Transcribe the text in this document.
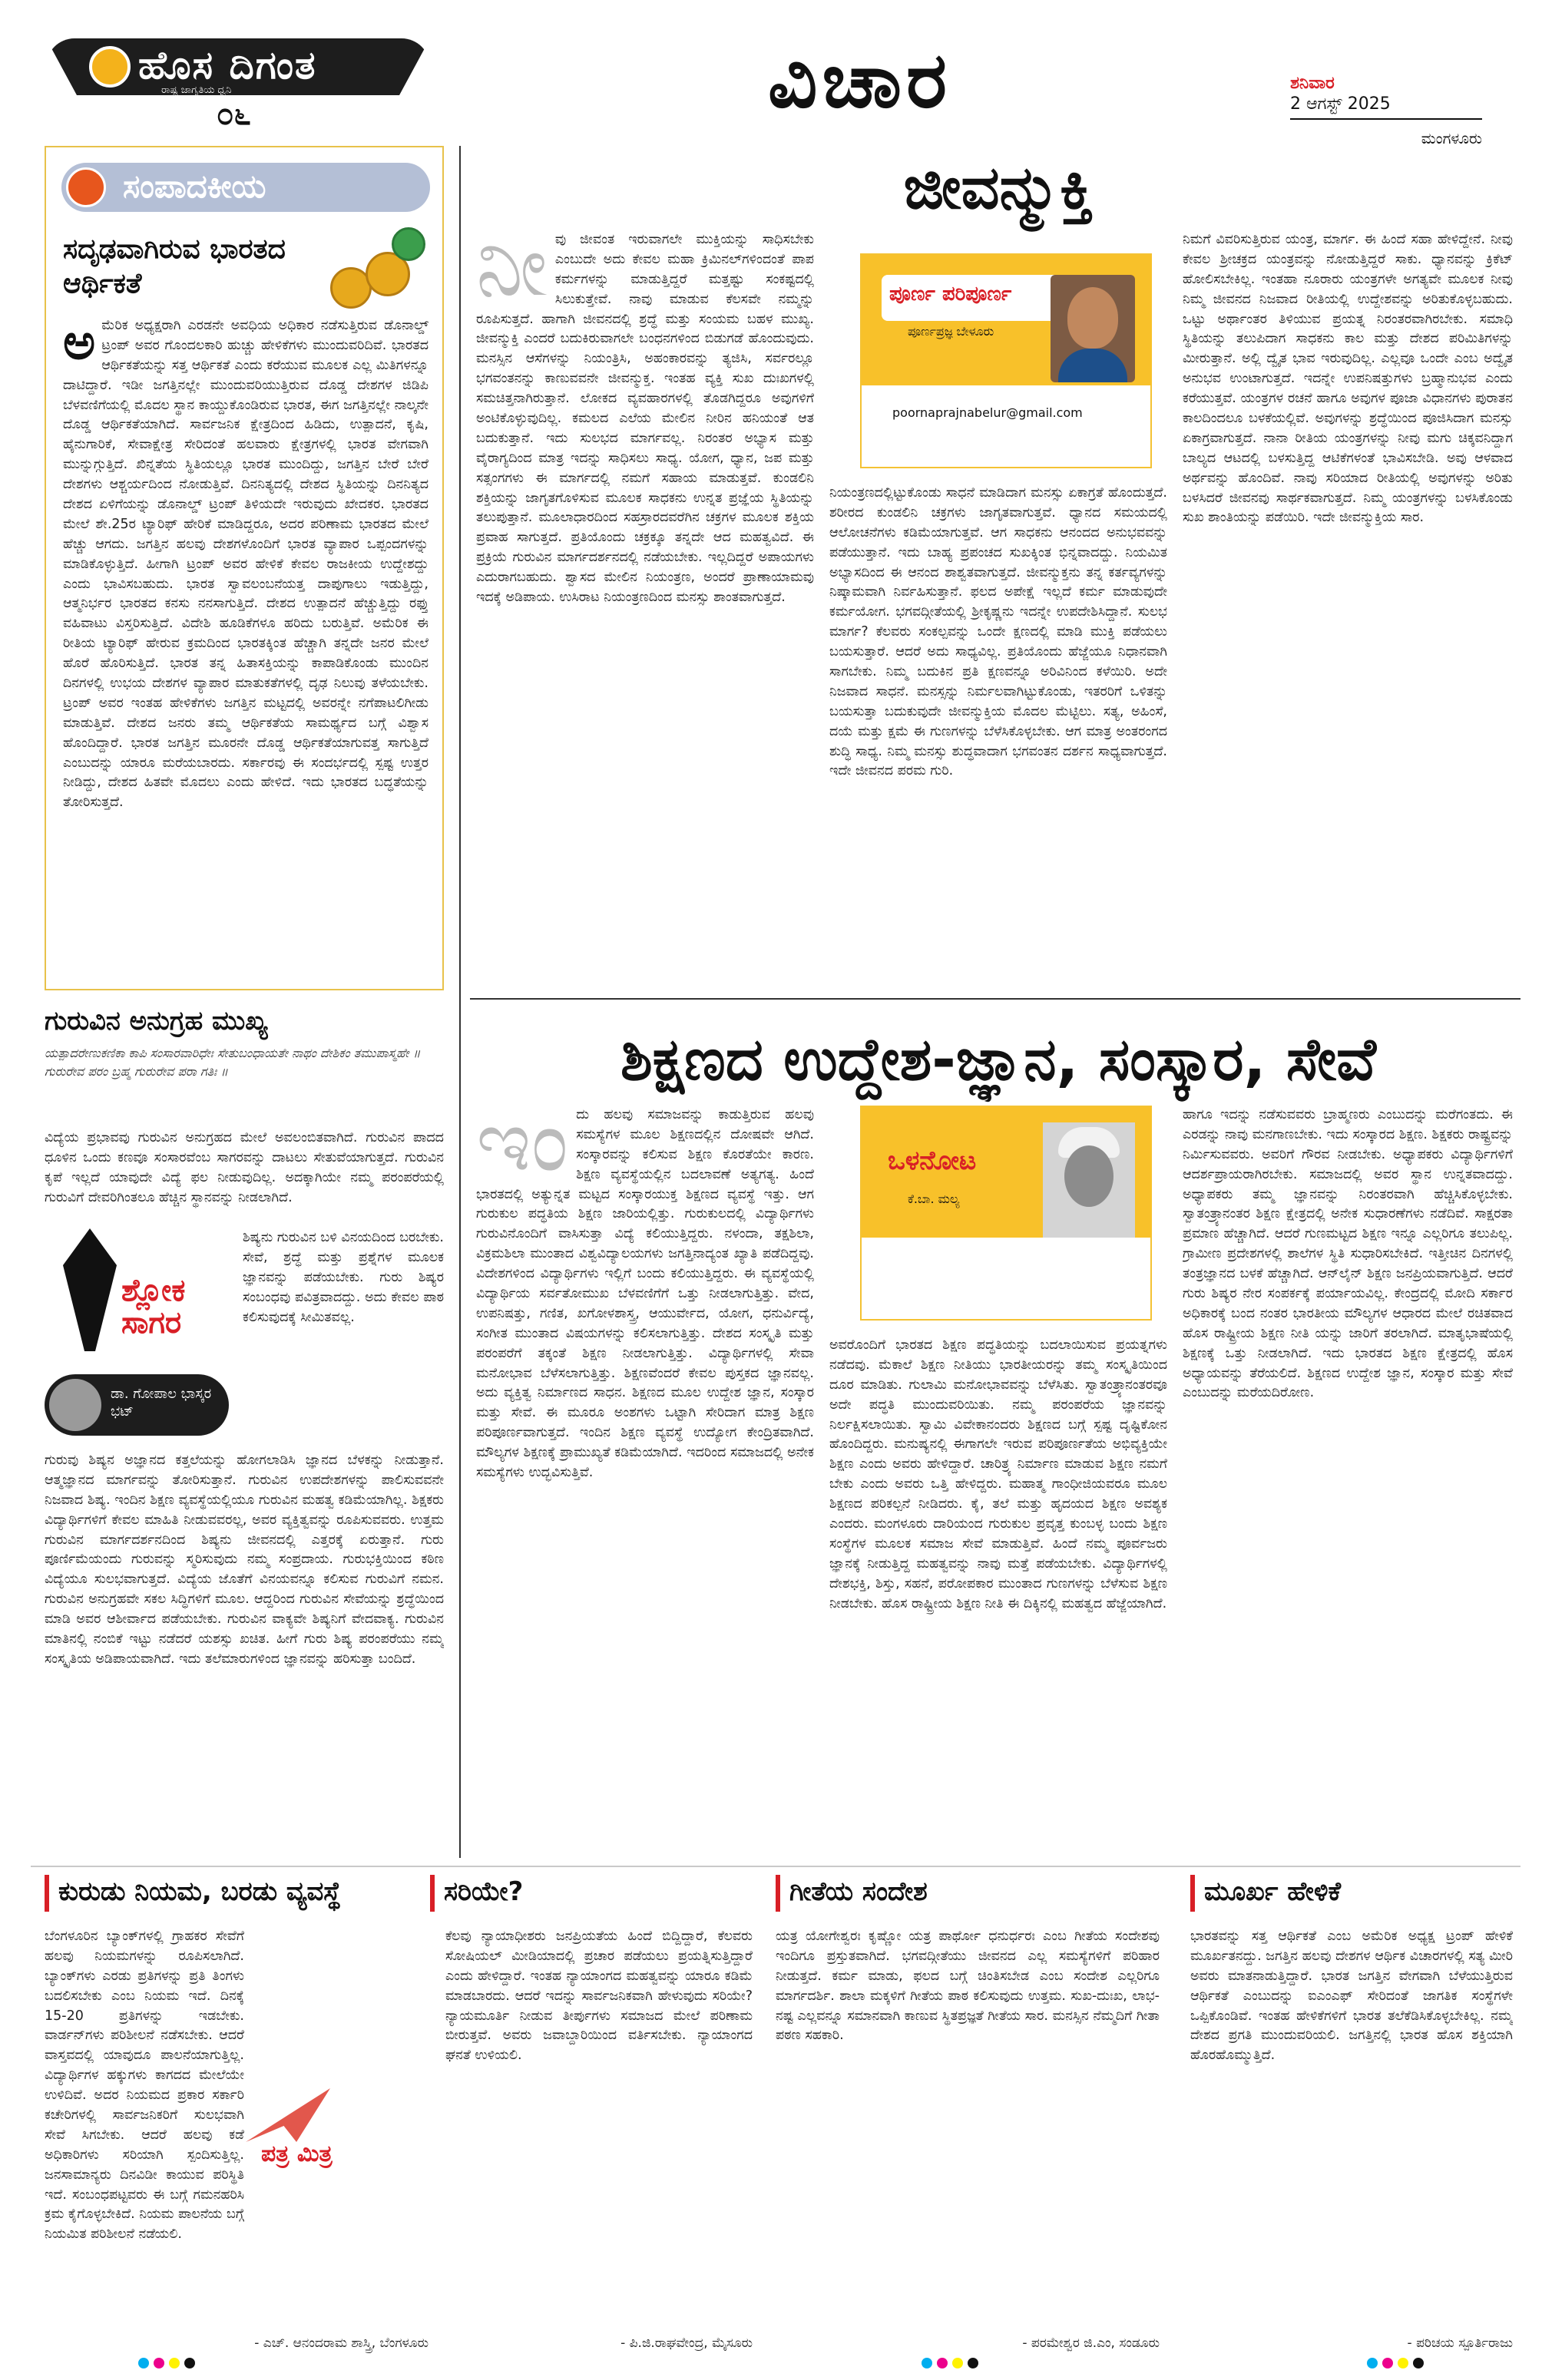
ಹೊಸ ದಿಗಂತ
ರಾಷ್ಟ್ರ ಜಾಗೃತಿಯ ಧ್ವನಿ
೦೬	ವಿಚಾರ	ಶನಿವಾರ
2 ಆಗಸ್ಟ್ 2025
ಮಂಗಳೂರು
ಸಂಪಾದಕೀಯ
ಸದೃಢವಾಗಿರುವ ಭಾರತದ ಆರ್ಥಿಕತೆ
ಅ ಮೆರಿಕ ಅಧ್ಯಕ್ಷರಾಗಿ ಎರಡನೇ ಅವಧಿಯ ಅಧಿಕಾರ ನಡೆಸುತ್ತಿರುವ ಡೊನಾಲ್ಡ್ ಟ್ರಂಪ್ ಅವರ ಗೊಂದಲಕಾರಿ ಹುಚ್ಚು ಹೇಳಿಕೆಗಳು ಮುಂದುವರಿದಿವೆ. ಭಾರತದ ಆರ್ಥಿಕತೆಯನ್ನು ಸತ್ತ ಆರ್ಥಿಕತೆ ಎಂದು ಕರೆಯುವ ಮೂಲಕ ಎಲ್ಲ ಮಿತಿಗಳನ್ನೂ ದಾಟಿದ್ದಾರೆ. ಇಡೀ ಜಗತ್ತಿನಲ್ಲೇ ಮುಂದುವರಿಯುತ್ತಿರುವ ದೊಡ್ಡ ದೇಶಗಳ ಜಿಡಿಪಿ ಬೆಳವಣಿಗೆಯಲ್ಲಿ ಮೊದಲ ಸ್ಥಾನ ಕಾಯ್ದುಕೊಂಡಿರುವ ಭಾರತ, ಈಗ ಜಗತ್ತಿನಲ್ಲೇ ನಾಲ್ಕನೇ ದೊಡ್ಡ ಆರ್ಥಿಕತೆಯಾಗಿದೆ. ಸಾರ್ವಜನಿಕ ಕ್ಷೇತ್ರದಿಂದ ಹಿಡಿದು, ಉತ್ಪಾದನೆ, ಕೃಷಿ, ಹೈನುಗಾರಿಕೆ, ಸೇವಾಕ್ಷೇತ್ರ ಸೇರಿದಂತೆ ಹಲವಾರು ಕ್ಷೇತ್ರಗಳಲ್ಲಿ ಭಾರತ ವೇಗವಾಗಿ ಮುನ್ನುಗ್ಗುತ್ತಿದೆ. ಖಿನ್ನತೆಯ ಸ್ಥಿತಿಯಲ್ಲೂ ಭಾರತ ಮುಂದಿದ್ದು, ಜಗತ್ತಿನ ಬೇರೆ ಬೇರೆ ದೇಶಗಳು ಆಶ್ಚರ್ಯದಿಂದ ನೋಡುತ್ತಿವೆ. ದಿನನಿತ್ಯದಲ್ಲಿ ದೇಶದ ಸ್ಥಿತಿಯನ್ನು ದಿನನಿತ್ಯದ ದೇಶದ ಏಳಿಗೆಯನ್ನು ಡೊನಾಲ್ಡ್ ಟ್ರಂಪ್ ತಿಳಿಯದೇ ಇರುವುದು ಖೇದಕರ. ಭಾರತದ ಮೇಲೆ ಶೇ.25ರ ಟ್ಯಾರಿಫ್ ಹೇರಿಕೆ ಮಾಡಿದ್ದರೂ, ಅದರ ಪರಿಣಾಮ ಭಾರತದ ಮೇಲೆ ಹೆಚ್ಚು ಆಗದು. ಜಗತ್ತಿನ ಹಲವು ದೇಶಗಳೊಂದಿಗೆ ಭಾರತ ವ್ಯಾಪಾರ ಒಪ್ಪಂದಗಳನ್ನು ಮಾಡಿಕೊಳ್ಳುತ್ತಿದೆ. ಹೀಗಾಗಿ ಟ್ರಂಪ್ ಅವರ ಹೇಳಿಕೆ ಕೇವಲ ರಾಜಕೀಯ ಉದ್ದೇಶದ್ದು ಎಂದು ಭಾವಿಸಬಹುದು. ಭಾರತ ಸ್ವಾವಲಂಬನೆಯತ್ತ ದಾಪುಗಾಲು ಇಡುತ್ತಿದ್ದು, ಆತ್ಮನಿರ್ಭರ ಭಾರತದ ಕನಸು ನನಸಾಗುತ್ತಿದೆ. ದೇಶದ ಉತ್ಪಾದನೆ ಹೆಚ್ಚುತ್ತಿದ್ದು ರಫ್ತು ವಹಿವಾಟು ವಿಸ್ತರಿಸುತ್ತಿದೆ. ವಿದೇಶಿ ಹೂಡಿಕೆಗಳೂ ಹರಿದು ಬರುತ್ತಿವೆ. ಅಮೆರಿಕ ಈ ರೀತಿಯ ಟ್ಯಾರಿಫ್ ಹೇರುವ ಕ್ರಮದಿಂದ ಭಾರತಕ್ಕಿಂತ ಹೆಚ್ಚಾಗಿ ತನ್ನದೇ ಜನರ ಮೇಲೆ ಹೊರೆ ಹೊರಿಸುತ್ತಿದೆ. ಭಾರತ ತನ್ನ ಹಿತಾಸಕ್ತಿಯನ್ನು ಕಾಪಾಡಿಕೊಂಡು ಮುಂದಿನ ದಿನಗಳಲ್ಲಿ ಉಭಯ ದೇಶಗಳ ವ್ಯಾಪಾರ ಮಾತುಕತೆಗಳಲ್ಲಿ ದೃಢ ನಿಲುವು ತಳೆಯಬೇಕು. ಟ್ರಂಪ್ ಅವರ ಇಂತಹ ಹೇಳಿಕೆಗಳು ಜಗತ್ತಿನ ಮಟ್ಟದಲ್ಲಿ ಅವರನ್ನೇ ನಗೆಪಾಟಲಿಗೀಡು ಮಾಡುತ್ತಿವೆ. ದೇಶದ ಜನರು ತಮ್ಮ ಆರ್ಥಿಕತೆಯ ಸಾಮರ್ಥ್ಯದ ಬಗ್ಗೆ ವಿಶ್ವಾಸ ಹೊಂದಿದ್ದಾರೆ. ಭಾರತ ಜಗತ್ತಿನ ಮೂರನೇ ದೊಡ್ಡ ಆರ್ಥಿಕತೆಯಾಗುವತ್ತ ಸಾಗುತ್ತಿದೆ ಎಂಬುದನ್ನು ಯಾರೂ ಮರೆಯಬಾರದು. ಸರ್ಕಾರವು ಈ ಸಂದರ್ಭದಲ್ಲಿ ಸ್ಪಷ್ಟ ಉತ್ತರ ನೀಡಿದ್ದು, ದೇಶದ ಹಿತವೇ ಮೊದಲು ಎಂದು ಹೇಳಿದೆ. ಇದು ಭಾರತದ ಬದ್ಧತೆಯನ್ನು ತೋರಿಸುತ್ತದೆ.
ಜೀವನ್ಮುಕ್ತಿ
ನೀ ವು ಜೀವಂತ ಇರುವಾಗಲೇ ಮುಕ್ತಿಯನ್ನು ಸಾಧಿಸಬೇಕು ಎಂಬುದೇ ಅದು ಕೇವಲ ಮಹಾ ಕ್ರಿಮಿನಲ್‌ಗಳಿಂದಂತೆ ಪಾಪ ಕರ್ಮಗಳನ್ನು ಮಾಡುತ್ತಿದ್ದರೆ ಮತ್ತಷ್ಟು ಸಂಕಷ್ಟದಲ್ಲಿ ಸಿಲುಕುತ್ತೇವೆ. ನಾವು ಮಾಡುವ ಕೆಲಸವೇ ನಮ್ಮನ್ನು ರೂಪಿಸುತ್ತದೆ. ಹಾಗಾಗಿ ಜೀವನದಲ್ಲಿ ಶ್ರದ್ಧೆ ಮತ್ತು ಸಂಯಮ ಬಹಳ ಮುಖ್ಯ. ಜೀವನ್ಮುಕ್ತಿ ಎಂದರೆ ಬದುಕಿರುವಾಗಲೇ ಬಂಧನಗಳಿಂದ ಬಿಡುಗಡೆ ಹೊಂದುವುದು. ಮನಸ್ಸಿನ ಆಸೆಗಳನ್ನು ನಿಯಂತ್ರಿಸಿ, ಅಹಂಕಾರವನ್ನು ತ್ಯಜಿಸಿ, ಸರ್ವರಲ್ಲೂ ಭಗವಂತನನ್ನು ಕಾಣುವವನೇ ಜೀವನ್ಮುಕ್ತ. ಇಂತಹ ವ್ಯಕ್ತಿ ಸುಖ ದುಃಖಗಳಲ್ಲಿ ಸಮಚಿತ್ತನಾಗಿರುತ್ತಾನೆ. ಲೋಕದ ವ್ಯವಹಾರಗಳಲ್ಲಿ ತೊಡಗಿದ್ದರೂ ಅವುಗಳಿಗೆ ಅಂಟಿಕೊಳ್ಳುವುದಿಲ್ಲ. ಕಮಲದ ಎಲೆಯ ಮೇಲಿನ ನೀರಿನ ಹನಿಯಂತೆ ಆತ ಬದುಕುತ್ತಾನೆ. ಇದು ಸುಲಭದ ಮಾರ್ಗವಲ್ಲ. ನಿರಂತರ ಅಭ್ಯಾಸ ಮತ್ತು ವೈರಾಗ್ಯದಿಂದ ಮಾತ್ರ ಇದನ್ನು ಸಾಧಿಸಲು ಸಾಧ್ಯ. ಯೋಗ, ಧ್ಯಾನ, ಜಪ ಮತ್ತು ಸತ್ಸಂಗಗಳು ಈ ಮಾರ್ಗದಲ್ಲಿ ನಮಗೆ ಸಹಾಯ ಮಾಡುತ್ತವೆ. ಕುಂಡಲಿನಿ ಶಕ್ತಿಯನ್ನು ಜಾಗೃತಗೊಳಿಸುವ ಮೂಲಕ ಸಾಧಕನು ಉನ್ನತ ಪ್ರಜ್ಞೆಯ ಸ್ಥಿತಿಯನ್ನು ತಲುಪುತ್ತಾನೆ. ಮೂಲಾಧಾರದಿಂದ ಸಹಸ್ರಾರದವರೆಗಿನ ಚಕ್ರಗಳ ಮೂಲಕ ಶಕ್ತಿಯ ಪ್ರವಾಹ ಸಾಗುತ್ತದೆ. ಪ್ರತಿಯೊಂದು ಚಕ್ರಕ್ಕೂ ತನ್ನದೇ ಆದ ಮಹತ್ವವಿದೆ. ಈ ಪ್ರಕ್ರಿಯೆ ಗುರುವಿನ ಮಾರ್ಗದರ್ಶನದಲ್ಲಿ ನಡೆಯಬೇಕು. ಇಲ್ಲದಿದ್ದರೆ ಅಪಾಯಗಳು ಎದುರಾಗಬಹುದು. ಶ್ವಾಸದ ಮೇಲಿನ ನಿಯಂತ್ರಣ, ಅಂದರೆ ಪ್ರಾಣಾಯಾಮವು ಇದಕ್ಕೆ ಅಡಿಪಾಯ. ಉಸಿರಾಟ ನಿಯಂತ್ರಣದಿಂದ ಮನಸ್ಸು ಶಾಂತವಾಗುತ್ತದೆ.
ಪೂರ್ಣ ಪರಿಪೂರ್ಣ
ಪೂರ್ಣಪ್ರಜ್ಞ ಬೇಳೂರು
poornaprajnabelur@gmail.com
ನಿಯಂತ್ರಣದಲ್ಲಿಟ್ಟುಕೊಂಡು ಸಾಧನೆ ಮಾಡಿದಾಗ ಮನಸ್ಸು ಏಕಾಗ್ರತೆ ಹೊಂದುತ್ತದೆ. ಶರೀರದ ಕುಂಡಲಿನಿ ಚಕ್ರಗಳು ಜಾಗೃತವಾಗುತ್ತವೆ. ಧ್ಯಾನದ ಸಮಯದಲ್ಲಿ ಆಲೋಚನೆಗಳು ಕಡಿಮೆಯಾಗುತ್ತವೆ. ಆಗ ಸಾಧಕನು ಆನಂದದ ಅನುಭವವನ್ನು ಪಡೆಯುತ್ತಾನೆ. ಇದು ಬಾಹ್ಯ ಪ್ರಪಂಚದ ಸುಖಕ್ಕಿಂತ ಭಿನ್ನವಾದದ್ದು. ನಿಯಮಿತ ಅಭ್ಯಾಸದಿಂದ ಈ ಆನಂದ ಶಾಶ್ವತವಾಗುತ್ತದೆ. ಜೀವನ್ಮುಕ್ತನು ತನ್ನ ಕರ್ತವ್ಯಗಳನ್ನು ನಿಷ್ಕಾಮವಾಗಿ ನಿರ್ವಹಿಸುತ್ತಾನೆ. ಫಲದ ಅಪೇಕ್ಷೆ ಇಲ್ಲದೆ ಕರ್ಮ ಮಾಡುವುದೇ ಕರ್ಮಯೋಗ. ಭಗವದ್ಗೀತೆಯಲ್ಲಿ ಶ್ರೀಕೃಷ್ಣನು ಇದನ್ನೇ ಉಪದೇಶಿಸಿದ್ದಾನೆ. ಸುಲಭ ಮಾರ್ಗ? ಕೆಲವರು ಸಂಕಲ್ಪವನ್ನು ಒಂದೇ ಕ್ಷಣದಲ್ಲಿ ಮಾಡಿ ಮುಕ್ತಿ ಪಡೆಯಲು ಬಯಸುತ್ತಾರೆ. ಆದರೆ ಅದು ಸಾಧ್ಯವಿಲ್ಲ. ಪ್ರತಿಯೊಂದು ಹೆಜ್ಜೆಯೂ ನಿಧಾನವಾಗಿ ಸಾಗಬೇಕು. ನಿಮ್ಮ ಬದುಕಿನ ಪ್ರತಿ ಕ್ಷಣವನ್ನೂ ಅರಿವಿನಿಂದ ಕಳೆಯಿರಿ. ಅದೇ ನಿಜವಾದ ಸಾಧನೆ. ಮನಸ್ಸನ್ನು ನಿರ್ಮಲವಾಗಿಟ್ಟುಕೊಂಡು, ಇತರರಿಗೆ ಒಳಿತನ್ನು ಬಯಸುತ್ತಾ ಬದುಕುವುದೇ ಜೀವನ್ಮುಕ್ತಿಯ ಮೊದಲ ಮೆಟ್ಟಿಲು. ಸತ್ಯ, ಅಹಿಂಸೆ, ದಯೆ ಮತ್ತು ಕ್ಷಮೆ ಈ ಗುಣಗಳನ್ನು ಬೆಳೆಸಿಕೊಳ್ಳಬೇಕು. ಆಗ ಮಾತ್ರ ಅಂತರಂಗದ ಶುದ್ಧಿ ಸಾಧ್ಯ. ನಿಮ್ಮ ಮನಸ್ಸು ಶುದ್ಧವಾದಾಗ ಭಗವಂತನ ದರ್ಶನ ಸಾಧ್ಯವಾಗುತ್ತದೆ. ಇದೇ ಜೀವನದ ಪರಮ ಗುರಿ.
ನಿಮಗೆ ವಿವರಿಸುತ್ತಿರುವ ಯಂತ್ರ, ಮಾರ್ಗ. ಈ ಹಿಂದೆ ಸಹಾ ಹೇಳಿದ್ದೇನೆ. ನೀವು ಕೇವಲ ಶ್ರೀಚಕ್ರದ ಯಂತ್ರವನ್ನು ನೋಡುತ್ತಿದ್ದರೆ ಸಾಕು. ಧ್ಯಾನವನ್ನು ಕ್ರಿಕೆಟ್ ಹೋಲಿಸಬೇಕಿಲ್ಲ. ಇಂತಹಾ ನೂರಾರು ಯಂತ್ರಗಳೇ ಅಗತ್ಯವೇ ಮೂಲಕ ನೀವು ನಿಮ್ಮ ಜೀವನದ ನಿಜವಾದ ರೀತಿಯಲ್ಲಿ ಉದ್ದೇಶವನ್ನು ಅರಿತುಕೊಳ್ಳಬಹುದು. ಒಟ್ಟು ಅರ್ಥಾಂತರ ತಿಳಿಯುವ ಪ್ರಯತ್ನ ನಿರಂತರವಾಗಿರಬೇಕು. ಸಮಾಧಿ ಸ್ಥಿತಿಯನ್ನು ತಲುಪಿದಾಗ ಸಾಧಕನು ಕಾಲ ಮತ್ತು ದೇಶದ ಪರಿಮಿತಿಗಳನ್ನು ಮೀರುತ್ತಾನೆ. ಅಲ್ಲಿ ದ್ವೈತ ಭಾವ ಇರುವುದಿಲ್ಲ. ಎಲ್ಲವೂ ಒಂದೇ ಎಂಬ ಅದ್ವೈತ ಅನುಭವ ಉಂಟಾಗುತ್ತದೆ. ಇದನ್ನೇ ಉಪನಿಷತ್ತುಗಳು ಬ್ರಹ್ಮಾನುಭವ ಎಂದು ಕರೆಯುತ್ತವೆ. ಯಂತ್ರಗಳ ರಚನೆ ಹಾಗೂ ಅವುಗಳ ಪೂಜಾ ವಿಧಾನಗಳು ಪುರಾತನ ಕಾಲದಿಂದಲೂ ಬಳಕೆಯಲ್ಲಿವೆ. ಅವುಗಳನ್ನು ಶ್ರದ್ಧೆಯಿಂದ ಪೂಜಿಸಿದಾಗ ಮನಸ್ಸು ಏಕಾಗ್ರವಾಗುತ್ತದೆ. ನಾನಾ ರೀತಿಯ ಯಂತ್ರಗಳನ್ನು ನೀವು ಮಗು ಚಿಕ್ಕವನಿದ್ದಾಗ ಬಾಲ್ಯದ ಆಟದಲ್ಲಿ ಬಳಸುತ್ತಿದ್ದ ಆಟಿಕೆಗಳಂತೆ ಭಾವಿಸಬೇಡಿ. ಅವು ಆಳವಾದ ಅರ್ಥವನ್ನು ಹೊಂದಿವೆ. ನಾವು ಸರಿಯಾದ ರೀತಿಯಲ್ಲಿ ಅವುಗಳನ್ನು ಅರಿತು ಬಳಸಿದರೆ ಜೀವನವು ಸಾರ್ಥಕವಾಗುತ್ತದೆ. ನಿಮ್ಮ ಯಂತ್ರಗಳನ್ನು ಬಳಸಿಕೊಂಡು ಸುಖ ಶಾಂತಿಯನ್ನು ಪಡೆಯಿರಿ. ಇದೇ ಜೀವನ್ಮುಕ್ತಿಯ ಸಾರ.
ಗುರುವಿನ ಅನುಗ್ರಹ ಮುಖ್ಯ
ಯತ್ಪಾದರೇಣುಕಣಿಕಾ ಕಾಪಿ ಸಂಸಾರವಾರಿಧೇಃ ಸೇತುಬಂಧಾಯತೇ ನಾಥಂ ದೇಶಿಕಂ ತಮುಪಾಸ್ಮಹೇ ॥ ಗುರುರೇವ ಪರಂ ಬ್ರಹ್ಮ ಗುರುರೇವ ಪರಾ ಗತಿಃ ॥
ವಿದ್ಯೆಯ ಪ್ರಭಾವವು ಗುರುವಿನ ಅನುಗ್ರಹದ ಮೇಲೆ ಅವಲಂಬಿತವಾಗಿದೆ. ಗುರುವಿನ ಪಾದದ ಧೂಳಿನ ಒಂದು ಕಣವೂ ಸಂಸಾರವೆಂಬ ಸಾಗರವನ್ನು ದಾಟಲು ಸೇತುವೆಯಾಗುತ್ತದೆ. ಗುರುವಿನ ಕೃಪೆ ಇಲ್ಲದೆ ಯಾವುದೇ ವಿದ್ಯೆ ಫಲ ನೀಡುವುದಿಲ್ಲ. ಅದಕ್ಕಾಗಿಯೇ ನಮ್ಮ ಪರಂಪರೆಯಲ್ಲಿ ಗುರುವಿಗೆ ದೇವರಿಗಿಂತಲೂ ಹೆಚ್ಚಿನ ಸ್ಥಾನವನ್ನು ನೀಡಲಾಗಿದೆ.
ಶ್ಲೋಕ ಸಾಗರ
ಡಾ. ಗೋಪಾಲ ಭಾಸ್ಕರ ಭಟ್
ಶಿಷ್ಯನು ಗುರುವಿನ ಬಳಿ ವಿನಯದಿಂದ ಬರಬೇಕು. ಸೇವೆ, ಶ್ರದ್ಧೆ ಮತ್ತು ಪ್ರಶ್ನೆಗಳ ಮೂಲಕ ಜ್ಞಾನವನ್ನು ಪಡೆಯಬೇಕು. ಗುರು ಶಿಷ್ಯರ ಸಂಬಂಧವು ಪವಿತ್ರವಾದದ್ದು. ಅದು ಕೇವಲ ಪಾಠ ಕಲಿಸುವುದಕ್ಕೆ ಸೀಮಿತವಲ್ಲ.
ಗುರುವು ಶಿಷ್ಯನ ಅಜ್ಞಾನದ ಕತ್ತಲೆಯನ್ನು ಹೋಗಲಾಡಿಸಿ ಜ್ಞಾನದ ಬೆಳಕನ್ನು ನೀಡುತ್ತಾನೆ. ಆತ್ಮಜ್ಞಾನದ ಮಾರ್ಗವನ್ನು ತೋರಿಸುತ್ತಾನೆ. ಗುರುವಿನ ಉಪದೇಶಗಳನ್ನು ಪಾಲಿಸುವವನೇ ನಿಜವಾದ ಶಿಷ್ಯ. ಇಂದಿನ ಶಿಕ್ಷಣ ವ್ಯವಸ್ಥೆಯಲ್ಲಿಯೂ ಗುರುವಿನ ಮಹತ್ವ ಕಡಿಮೆಯಾಗಿಲ್ಲ. ಶಿಕ್ಷಕರು ವಿದ್ಯಾರ್ಥಿಗಳಿಗೆ ಕೇವಲ ಮಾಹಿತಿ ನೀಡುವವರಲ್ಲ, ಅವರ ವ್ಯಕ್ತಿತ್ವವನ್ನು ರೂಪಿಸುವವರು. ಉತ್ತಮ ಗುರುವಿನ ಮಾರ್ಗದರ್ಶನದಿಂದ ಶಿಷ್ಯನು ಜೀವನದಲ್ಲಿ ಎತ್ತರಕ್ಕೆ ಏರುತ್ತಾನೆ. ಗುರು ಪೂರ್ಣಿಮೆಯಂದು ಗುರುವನ್ನು ಸ್ಮರಿಸುವುದು ನಮ್ಮ ಸಂಪ್ರದಾಯ. ಗುರುಭಕ್ತಿಯಿಂದ ಕಠಿಣ ವಿದ್ಯೆಯೂ ಸುಲಭವಾಗುತ್ತದೆ. ವಿದ್ಯೆಯ ಜೊತೆಗೆ ವಿನಯವನ್ನೂ ಕಲಿಸುವ ಗುರುವಿಗೆ ನಮನ. ಗುರುವಿನ ಅನುಗ್ರಹವೇ ಸಕಲ ಸಿದ್ಧಿಗಳಿಗೆ ಮೂಲ. ಆದ್ದರಿಂದ ಗುರುವಿನ ಸೇವೆಯನ್ನು ಶ್ರದ್ಧೆಯಿಂದ ಮಾಡಿ ಅವರ ಆಶೀರ್ವಾದ ಪಡೆಯಬೇಕು. ಗುರುವಿನ ವಾಕ್ಯವೇ ಶಿಷ್ಯನಿಗೆ ವೇದವಾಕ್ಯ. ಗುರುವಿನ ಮಾತಿನಲ್ಲಿ ನಂಬಿಕೆ ಇಟ್ಟು ನಡೆದರೆ ಯಶಸ್ಸು ಖಚಿತ. ಹೀಗೆ ಗುರು ಶಿಷ್ಯ ಪರಂಪರೆಯು ನಮ್ಮ ಸಂಸ್ಕೃತಿಯ ಅಡಿಪಾಯವಾಗಿದೆ. ಇದು ತಲೆಮಾರುಗಳಿಂದ ಜ್ಞಾನವನ್ನು ಹರಿಸುತ್ತಾ ಬಂದಿದೆ.
ಶಿಕ್ಷಣದ ಉದ್ದೇಶ-ಜ್ಞಾನ, ಸಂಸ್ಕಾರ, ಸೇವೆ
ಇಂ ದು ಹಲವು ಸಮಾಜವನ್ನು ಕಾಡುತ್ತಿರುವ ಹಲವು ಸಮಸ್ಯೆಗಳ ಮೂಲ ಶಿಕ್ಷಣದಲ್ಲಿನ ದೋಷವೇ ಆಗಿದೆ. ಸಂಸ್ಕಾರವನ್ನು ಕಲಿಸುವ ಶಿಕ್ಷಣ ಕೊರತೆಯೇ ಕಾರಣ. ಶಿಕ್ಷಣ ವ್ಯವಸ್ಥೆಯಲ್ಲಿನ ಬದಲಾವಣೆ ಅತ್ಯಗತ್ಯ. ಹಿಂದೆ ಭಾರತದಲ್ಲಿ ಅತ್ಯುನ್ನತ ಮಟ್ಟದ ಸಂಸ್ಕಾರಯುಕ್ತ ಶಿಕ್ಷಣದ ವ್ಯವಸ್ಥೆ ಇತ್ತು. ಆಗ ಗುರುಕುಲ ಪದ್ಧತಿಯ ಶಿಕ್ಷಣ ಜಾರಿಯಲ್ಲಿತ್ತು. ಗುರುಕುಲದಲ್ಲಿ ವಿದ್ಯಾರ್ಥಿಗಳು ಗುರುವಿನೊಂದಿಗೆ ವಾಸಿಸುತ್ತಾ ವಿದ್ಯೆ ಕಲಿಯುತ್ತಿದ್ದರು. ನಳಂದಾ, ತಕ್ಷಶಿಲಾ, ವಿಕ್ರಮಶಿಲಾ ಮುಂತಾದ ವಿಶ್ವವಿದ್ಯಾಲಯಗಳು ಜಗತ್ತಿನಾದ್ಯಂತ ಖ್ಯಾತಿ ಪಡೆದಿದ್ದವು. ವಿದೇಶಗಳಿಂದ ವಿದ್ಯಾರ್ಥಿಗಳು ಇಲ್ಲಿಗೆ ಬಂದು ಕಲಿಯುತ್ತಿದ್ದರು. ಈ ವ್ಯವಸ್ಥೆಯಲ್ಲಿ ವಿದ್ಯಾರ್ಥಿಯ ಸರ್ವತೋಮುಖ ಬೆಳವಣಿಗೆಗೆ ಒತ್ತು ನೀಡಲಾಗುತ್ತಿತ್ತು. ವೇದ, ಉಪನಿಷತ್ತು, ಗಣಿತ, ಖಗೋಳಶಾಸ್ತ್ರ, ಆಯುರ್ವೇದ, ಯೋಗ, ಧನುರ್ವಿದ್ಯೆ, ಸಂಗೀತ ಮುಂತಾದ ವಿಷಯಗಳನ್ನು ಕಲಿಸಲಾಗುತ್ತಿತ್ತು. ದೇಶದ ಸಂಸ್ಕೃತಿ ಮತ್ತು ಪರಂಪರೆಗೆ ತಕ್ಕಂತೆ ಶಿಕ್ಷಣ ನೀಡಲಾಗುತ್ತಿತ್ತು. ವಿದ್ಯಾರ್ಥಿಗಳಲ್ಲಿ ಸೇವಾ ಮನೋಭಾವ ಬೆಳೆಸಲಾಗುತ್ತಿತ್ತು. ಶಿಕ್ಷಣವೆಂದರೆ ಕೇವಲ ಪುಸ್ತಕದ ಜ್ಞಾನವಲ್ಲ. ಅದು ವ್ಯಕ್ತಿತ್ವ ನಿರ್ಮಾಣದ ಸಾಧನ. ಶಿಕ್ಷಣದ ಮೂಲ ಉದ್ದೇಶ ಜ್ಞಾನ, ಸಂಸ್ಕಾರ ಮತ್ತು ಸೇವೆ. ಈ ಮೂರೂ ಅಂಶಗಳು ಒಟ್ಟಾಗಿ ಸೇರಿದಾಗ ಮಾತ್ರ ಶಿಕ್ಷಣ ಪರಿಪೂರ್ಣವಾಗುತ್ತದೆ. ಇಂದಿನ ಶಿಕ್ಷಣ ವ್ಯವಸ್ಥೆ ಉದ್ಯೋಗ ಕೇಂದ್ರಿತವಾಗಿದೆ. ಮೌಲ್ಯಗಳ ಶಿಕ್ಷಣಕ್ಕೆ ಪ್ರಾಮುಖ್ಯತೆ ಕಡಿಮೆಯಾಗಿದೆ. ಇದರಿಂದ ಸಮಾಜದಲ್ಲಿ ಅನೇಕ ಸಮಸ್ಯೆಗಳು ಉದ್ಭವಿಸುತ್ತಿವೆ.
ಒಳನೋಟ
ಕೆ.ಬಾ. ಮಲ್ಯ
ಅವರೊಂದಿಗೆ ಭಾರತದ ಶಿಕ್ಷಣ ಪದ್ಧತಿಯನ್ನು ಬದಲಾಯಿಸುವ ಪ್ರಯತ್ನಗಳು ನಡೆದವು. ಮೆಕಾಲೆ ಶಿಕ್ಷಣ ನೀತಿಯು ಭಾರತೀಯರನ್ನು ತಮ್ಮ ಸಂಸ್ಕೃತಿಯಿಂದ ದೂರ ಮಾಡಿತು. ಗುಲಾಮಿ ಮನೋಭಾವವನ್ನು ಬೆಳೆಸಿತು. ಸ್ವಾತಂತ್ರ್ಯಾನಂತರವೂ ಅದೇ ಪದ್ಧತಿ ಮುಂದುವರಿಯಿತು. ನಮ್ಮ ಪರಂಪರೆಯ ಜ್ಞಾನವನ್ನು ನಿರ್ಲಕ್ಷಿಸಲಾಯಿತು. ಸ್ವಾಮಿ ವಿವೇಕಾನಂದರು ಶಿಕ್ಷಣದ ಬಗ್ಗೆ ಸ್ಪಷ್ಟ ದೃಷ್ಟಿಕೋನ ಹೊಂದಿದ್ದರು. ಮನುಷ್ಯನಲ್ಲಿ ಈಗಾಗಲೇ ಇರುವ ಪರಿಪೂರ್ಣತೆಯ ಅಭಿವ್ಯಕ್ತಿಯೇ ಶಿಕ್ಷಣ ಎಂದು ಅವರು ಹೇಳಿದ್ದಾರೆ. ಚಾರಿತ್ರ್ಯ ನಿರ್ಮಾಣ ಮಾಡುವ ಶಿಕ್ಷಣ ನಮಗೆ ಬೇಕು ಎಂದು ಅವರು ಒತ್ತಿ ಹೇಳಿದ್ದರು. ಮಹಾತ್ಮ ಗಾಂಧೀಜಿಯವರೂ ಮೂಲ ಶಿಕ್ಷಣದ ಪರಿಕಲ್ಪನೆ ನೀಡಿದರು. ಕೈ, ತಲೆ ಮತ್ತು ಹೃದಯದ ಶಿಕ್ಷಣ ಅವಶ್ಯಕ ಎಂದರು. ಮಂಗಳೂರು ದಾರಿಯಂದ ಗುರುಕುಲ ಪ್ರವೃತ್ತ ಕುಂಬಳ್ಳ ಬಂದು ಶಿಕ್ಷಣ ಸಂಸ್ಥೆಗಳ ಮೂಲಕ ಸಮಾಜ ಸೇವೆ ಮಾಡುತ್ತಿವೆ. ಹಿಂದೆ ನಮ್ಮ ಪೂರ್ವಜರು ಜ್ಞಾನಕ್ಕೆ ನೀಡುತ್ತಿದ್ದ ಮಹತ್ವವನ್ನು ನಾವು ಮತ್ತೆ ಪಡೆಯಬೇಕು. ವಿದ್ಯಾರ್ಥಿಗಳಲ್ಲಿ ದೇಶಭಕ್ತಿ, ಶಿಸ್ತು, ಸಹನೆ, ಪರೋಪಕಾರ ಮುಂತಾದ ಗುಣಗಳನ್ನು ಬೆಳೆಸುವ ಶಿಕ್ಷಣ ನೀಡಬೇಕು. ಹೊಸ ರಾಷ್ಟ್ರೀಯ ಶಿಕ್ಷಣ ನೀತಿ ಈ ದಿಕ್ಕಿನಲ್ಲಿ ಮಹತ್ವದ ಹೆಜ್ಜೆಯಾಗಿದೆ.
ಹಾಗೂ ಇದನ್ನು ನಡೆಸುವವರು ಬ್ರಾಹ್ಮಣರು ಎಂಬುದನ್ನು ಮರೆಗಂತದು. ಈ ಎರಡನ್ನು ನಾವು ಮನಗಾಣಬೇಕು. ಇದು ಸಂಸ್ಕಾರದ ಶಿಕ್ಷಣ. ಶಿಕ್ಷಕರು ರಾಷ್ಟ್ರವನ್ನು ನಿರ್ಮಿಸುವವರು. ಅವರಿಗೆ ಗೌರವ ನೀಡಬೇಕು. ಅಧ್ಯಾಪಕರು ವಿದ್ಯಾರ್ಥಿಗಳಿಗೆ ಆದರ್ಶಪ್ರಾಯರಾಗಿರಬೇಕು. ಸಮಾಜದಲ್ಲಿ ಅವರ ಸ್ಥಾನ ಉನ್ನತವಾದದ್ದು. ಅಧ್ಯಾಪಕರು ತಮ್ಮ ಜ್ಞಾನವನ್ನು ನಿರಂತರವಾಗಿ ಹೆಚ್ಚಿಸಿಕೊಳ್ಳಬೇಕು. ಸ್ವಾತಂತ್ರ್ಯಾನಂತರ ಶಿಕ್ಷಣ ಕ್ಷೇತ್ರದಲ್ಲಿ ಅನೇಕ ಸುಧಾರಣೆಗಳು ನಡೆದಿವೆ. ಸಾಕ್ಷರತಾ ಪ್ರಮಾಣ ಹೆಚ್ಚಾಗಿದೆ. ಆದರೆ ಗುಣಮಟ್ಟದ ಶಿಕ್ಷಣ ಇನ್ನೂ ಎಲ್ಲರಿಗೂ ತಲುಪಿಲ್ಲ. ಗ್ರಾಮೀಣ ಪ್ರದೇಶಗಳಲ್ಲಿ ಶಾಲೆಗಳ ಸ್ಥಿತಿ ಸುಧಾರಿಸಬೇಕಿದೆ. ಇತ್ತೀಚಿನ ದಿನಗಳಲ್ಲಿ ತಂತ್ರಜ್ಞಾನದ ಬಳಕೆ ಹೆಚ್ಚಾಗಿದೆ. ಆನ್‌ಲೈನ್ ಶಿಕ್ಷಣ ಜನಪ್ರಿಯವಾಗುತ್ತಿದೆ. ಆದರೆ ಗುರು ಶಿಷ್ಯರ ನೇರ ಸಂಪರ್ಕಕ್ಕೆ ಪರ್ಯಾಯವಿಲ್ಲ. ಕೇಂದ್ರದಲ್ಲಿ ಮೋದಿ ಸರ್ಕಾರ ಅಧಿಕಾರಕ್ಕೆ ಬಂದ ನಂತರ ಭಾರತೀಯ ಮೌಲ್ಯಗಳ ಆಧಾರದ ಮೇಲೆ ರಚಿತವಾದ ಹೊಸ ರಾಷ್ಟ್ರೀಯ ಶಿಕ್ಷಣ ನೀತಿ ಯನ್ನು ಜಾರಿಗೆ ತರಲಾಗಿದೆ. ಮಾತೃಭಾಷೆಯಲ್ಲಿ ಶಿಕ್ಷಣಕ್ಕೆ ಒತ್ತು ನೀಡಲಾಗಿದೆ. ಇದು ಭಾರತದ ಶಿಕ್ಷಣ ಕ್ಷೇತ್ರದಲ್ಲಿ ಹೊಸ ಅಧ್ಯಾಯವನ್ನು ತೆರೆಯಲಿದೆ. ಶಿಕ್ಷಣದ ಉದ್ದೇಶ ಜ್ಞಾನ, ಸಂಸ್ಕಾರ ಮತ್ತು ಸೇವೆ ಎಂಬುದನ್ನು ಮರೆಯದಿರೋಣ.
ಕುರುಡು ನಿಯಮ, ಬರಡು ವ್ಯವಸ್ಥೆ
ಬೆಂಗಳೂರಿನ ಬ್ಯಾಂಕ್‌ಗಳಲ್ಲಿ ಗ್ರಾಹಕರ ಸೇವೆಗೆ ಹಲವು ನಿಯಮಗಳನ್ನು ರೂಪಿಸಲಾಗಿದೆ. ಬ್ಯಾಂಕ್‌ಗಳು ಎರಡು ಪ್ರತಿಗಳನ್ನು ಪ್ರತಿ ತಿಂಗಳು ಬದಲಿಸಬೇಕು ಎಂಬ ನಿಯಮ ಇದೆ. ದಿನಕ್ಕೆ 15-20 ಪ್ರತಿಗಳನ್ನು ಇಡಬೇಕು. ವಾರ್ಡನ್‌ಗಳು ಪರಿಶೀಲನೆ ನಡೆಸಬೇಕು. ಆದರೆ ವಾಸ್ತವದಲ್ಲಿ ಯಾವುದೂ ಪಾಲನೆಯಾಗುತ್ತಿಲ್ಲ. ವಿದ್ಯಾರ್ಥಿಗಳ ಹಕ್ಕುಗಳು ಕಾಗದದ ಮೇಲೆಯೇ ಉಳಿದಿವೆ. ಅದರ ನಿಯಮದ ಪ್ರಕಾರ ಸರ್ಕಾರಿ ಕಚೇರಿಗಳಲ್ಲಿ ಸಾರ್ವಜನಿಕರಿಗೆ ಸುಲಭವಾಗಿ ಸೇವೆ ಸಿಗಬೇಕು. ಆದರೆ ಹಲವು ಕಡೆ ಅಧಿಕಾರಿಗಳು ಸರಿಯಾಗಿ ಸ್ಪಂದಿಸುತ್ತಿಲ್ಲ. ಜನಸಾಮಾನ್ಯರು ದಿನವಿಡೀ ಕಾಯುವ ಪರಿಸ್ಥಿತಿ ಇದೆ. ಸಂಬಂಧಪಟ್ಟವರು ಈ ಬಗ್ಗೆ ಗಮನಹರಿಸಿ ಕ್ರಮ ಕೈಗೊಳ್ಳಬೇಕಿದೆ. ನಿಯಮ ಪಾಲನೆಯ ಬಗ್ಗೆ ನಿಯಮಿತ ಪರಿಶೀಲನೆ ನಡೆಯಲಿ.
ಪತ್ರ ಮಿತ್ರ
- ಎಚ್. ಆನಂದರಾಮ ಶಾಸ್ತ್ರಿ, ಬೆಂಗಳೂರು
ಸರಿಯೇ?
ಕೆಲವು ನ್ಯಾಯಾಧೀಶರು ಜನಪ್ರಿಯತೆಯ ಹಿಂದೆ ಬಿದ್ದಿದ್ದಾರೆ, ಕೆಲವರು ಸೋಷಿಯಲ್ ಮೀಡಿಯಾದಲ್ಲಿ ಪ್ರಚಾರ ಪಡೆಯಲು ಪ್ರಯತ್ನಿಸುತ್ತಿದ್ದಾರೆ ಎಂದು ಹೇಳಿದ್ದಾರೆ. ಇಂತಹ ನ್ಯಾಯಾಂಗದ ಮಹತ್ವವನ್ನು ಯಾರೂ ಕಡಿಮೆ ಮಾಡಬಾರದು. ಆದರೆ ಇದನ್ನು ಸಾರ್ವಜನಿಕವಾಗಿ ಹೇಳುವುದು ಸರಿಯೇ? ನ್ಯಾಯಮೂರ್ತಿ ನೀಡುವ ತೀರ್ಪುಗಳು ಸಮಾಜದ ಮೇಲೆ ಪರಿಣಾಮ ಬೀರುತ್ತವೆ. ಅವರು ಜವಾಬ್ದಾರಿಯಿಂದ ವರ್ತಿಸಬೇಕು. ನ್ಯಾಯಾಂಗದ ಘನತೆ ಉಳಿಯಲಿ.
- ಪಿ.ಜಿ.ರಾಘವೇಂದ್ರ, ಮೈಸೂರು
ಗೀತೆಯ ಸಂದೇಶ
ಯತ್ರ ಯೋಗೇಶ್ವರಃ ಕೃಷ್ಣೋ ಯತ್ರ ಪಾರ್ಥೋ ಧನುರ್ಧರಃ ಎಂಬ ಗೀತೆಯ ಸಂದೇಶವು ಇಂದಿಗೂ ಪ್ರಸ್ತುತವಾಗಿದೆ. ಭಗವದ್ಗೀತೆಯು ಜೀವನದ ಎಲ್ಲ ಸಮಸ್ಯೆಗಳಿಗೆ ಪರಿಹಾರ ನೀಡುತ್ತದೆ. ಕರ್ಮ ಮಾಡು, ಫಲದ ಬಗ್ಗೆ ಚಿಂತಿಸಬೇಡ ಎಂಬ ಸಂದೇಶ ಎಲ್ಲರಿಗೂ ಮಾರ್ಗದರ್ಶಿ. ಶಾಲಾ ಮಕ್ಕಳಿಗೆ ಗೀತೆಯ ಪಾಠ ಕಲಿಸುವುದು ಉತ್ತಮ. ಸುಖ-ದುಃಖ, ಲಾಭ-ನಷ್ಟ ಎಲ್ಲವನ್ನೂ ಸಮಾನವಾಗಿ ಕಾಣುವ ಸ್ಥಿತಪ್ರಜ್ಞತೆ ಗೀತೆಯ ಸಾರ. ಮನಸ್ಸಿನ ನೆಮ್ಮದಿಗೆ ಗೀತಾ ಪಠಣ ಸಹಕಾರಿ.
- ಪರಮೇಶ್ವರ ಜಿ.ಎಂ, ಸಂಡೂರು
ಮೂರ್ಖ ಹೇಳಿಕೆ
ಭಾರತವನ್ನು ಸತ್ತ ಆರ್ಥಿಕತೆ ಎಂಬ ಅಮೆರಿಕ ಅಧ್ಯಕ್ಷ ಟ್ರಂಪ್ ಹೇಳಿಕೆ ಮೂರ್ಖತನದ್ದು. ಜಗತ್ತಿನ ಹಲವು ದೇಶಗಳ ಆರ್ಥಿಕ ವಿಚಾರಗಳಲ್ಲಿ ಸತ್ಯ ಮೀರಿ ಅವರು ಮಾತನಾಡುತ್ತಿದ್ದಾರೆ. ಭಾರತ ಜಗತ್ತಿನ ವೇಗವಾಗಿ ಬೆಳೆಯುತ್ತಿರುವ ಆರ್ಥಿಕತೆ ಎಂಬುದನ್ನು ಐಎಂಎಫ್ ಸೇರಿದಂತೆ ಜಾಗತಿಕ ಸಂಸ್ಥೆಗಳೇ ಒಪ್ಪಿಕೊಂಡಿವೆ. ಇಂತಹ ಹೇಳಿಕೆಗಳಿಗೆ ಭಾರತ ತಲೆಕೆಡಿಸಿಕೊಳ್ಳಬೇಕಿಲ್ಲ. ನಮ್ಮ ದೇಶದ ಪ್ರಗತಿ ಮುಂದುವರಿಯಲಿ. ಜಗತ್ತಿನಲ್ಲಿ ಭಾರತ ಹೊಸ ಶಕ್ತಿಯಾಗಿ ಹೊರಹೊಮ್ಮುತ್ತಿದೆ.
- ಪರಿಚಯ ಸ್ಪೂರ್ತಿರಾಜು
